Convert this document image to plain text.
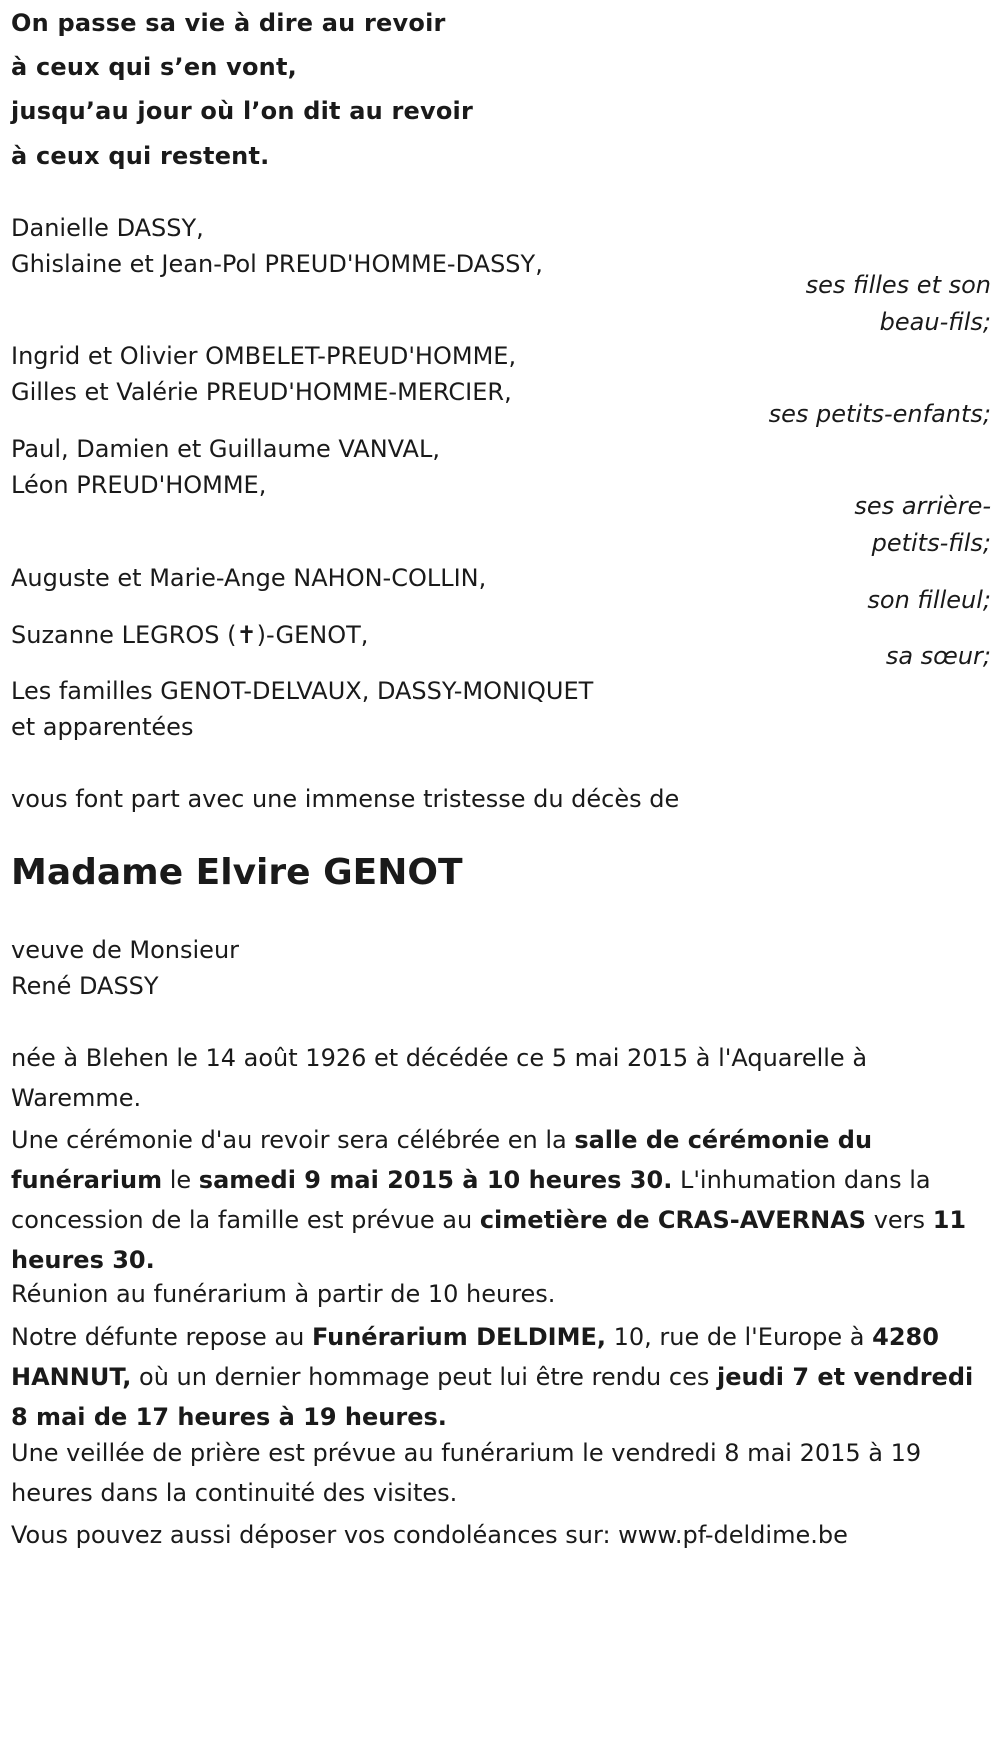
On passe sa vie à dire au revoir
à ceux qui s’en vont,
jusqu’au jour où l’on dit au revoir
à ceux qui restent.
Danielle DASSY,
Ghislaine et Jean-Pol PREUD'HOMME-DASSY,
ses filles et son
beau-fils;
Ingrid et Olivier OMBELET-PREUD'HOMME,
Gilles et Valérie PREUD'HOMME-MERCIER,
ses petits-enfants;
Paul, Damien et Guillaume VANVAL,
Léon PREUD'HOMME,
ses arrière-
petits-fils;
Auguste et Marie-Ange NAHON-COLLIN,
son filleul;
Suzanne LEGROS (✝)-GENOT,
sa sœur;
Les familles GENOT-DELVAUX, DASSY-MONIQUET
et apparentées
vous font part avec une immense tristesse du décès de
Madame Elvire GENOT
veuve de Monsieur
René DASSY
née à Blehen le 14 août 1926 et décédée ce 5 mai 2015 à l'Aquarelle à Waremme.
Une cérémonie d'au revoir sera célébrée en la salle de cérémonie du funérarium le samedi 9 mai 2015 à 10 heures 30. L'inhumation dans la concession de la famille est prévue au cimetière de CRAS-AVERNAS vers 11 heures 30.
Réunion au funérarium à partir de 10 heures.
Notre défunte repose au Funérarium DELDIME, 10, rue de l'Europe à 4280 HANNUT, où un dernier hommage peut lui être rendu ces jeudi 7 et vendredi 8 mai de 17 heures à 19 heures.
Une veillée de prière est prévue au funérarium le vendredi 8 mai 2015 à 19 heures dans la continuité des visites.
Vous pouvez aussi déposer vos condoléances sur: www.pf-deldime.be
